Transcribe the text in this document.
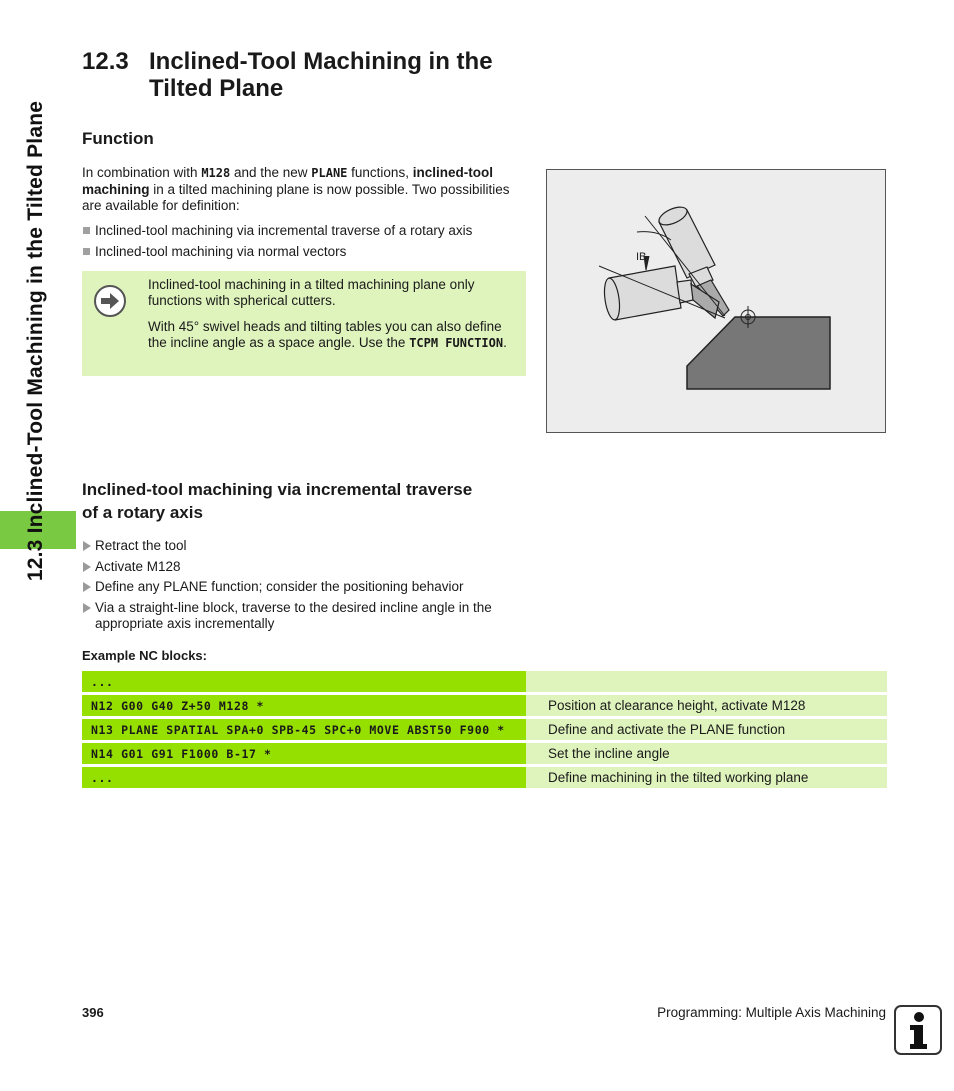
12.3 Inclined-Tool Machining in the Tilted Plane
12.3 Inclined-Tool Machining in the
Tilted Plane
Function

In combination with M128 and the new PLANE functions, inclined-tool machining in a tilted machining plane is now possible. Two possibilities are available for definition:

Inclined-tool machining via incremental traverse of a rotary axis
Inclined-tool machining via normal vectors

Inclined-tool machining in a tilted machining plane only functions with spherical cutters.

With 45° swivel heads and tilting tables you can also define the incline angle as a space angle. Use the TCPM FUNCTION.

IB
Inclined-tool machining via incremental traverse
of a rotary axis
Retract the tool
Activate M128
Define any PLANE function; consider the positioning behavior
Via a straight-line block, traverse to the desired incline angle in the appropriate axis incrementally
Example NC blocks:
...	
N12 G00 G40 Z+50 M128 *	Position at clearance height, activate M128
N13 PLANE SPATIAL SPA+0 SPB-45 SPC+0 MOVE ABST50 F900 *	Define and activate the PLANE function
N14 G01 G91 F1000 B-17 *	Set the incline angle
...	Define machining in the tilted working plane
396	Programming: Multiple Axis Machining
